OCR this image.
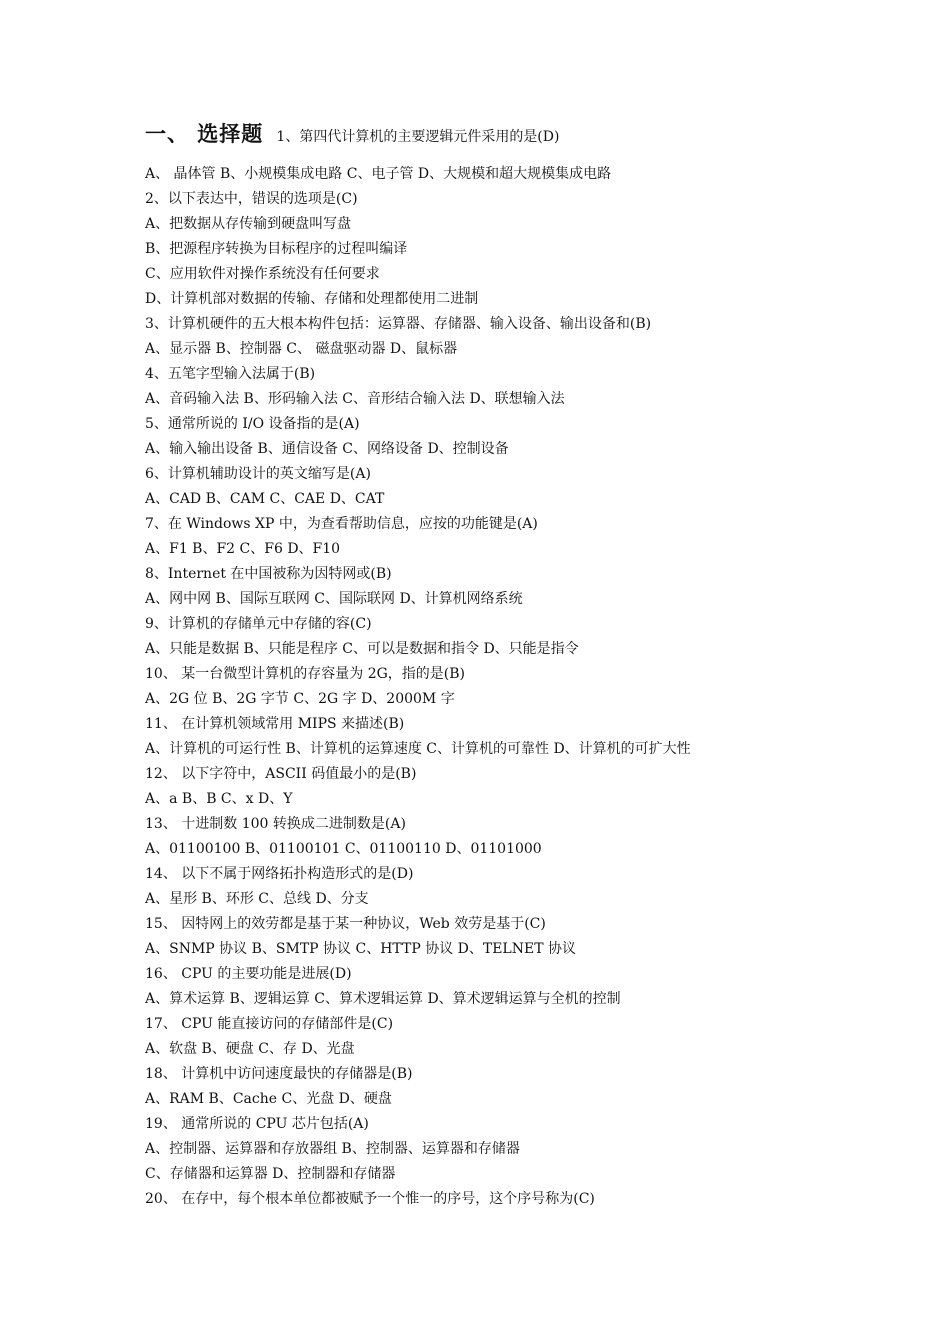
一、 选择题 1、第四代计算机的主要逻辑元件采用的是(D)
A、 晶体管 B、小规模集成电路 C、电子管 D、大规模和超大规模集成电路
2、以下表达中，错误的选项是(C)
A、把数据从存传输到硬盘叫写盘
B、把源程序转换为目标程序的过程叫编译
C、应用软件对操作系统没有任何要求
D、计算机部对数据的传输、存储和处理都使用二进制
3、计算机硬件的五大根本构件包括：运算器、存储器、输入设备、输出设备和(B)
A、显示器 B、控制器 C、 磁盘驱动器 D、鼠标器
4、五笔字型输入法属于(B)
A、音码输入法 B、形码输入法 C、音形结合输入法 D、联想输入法
5、通常所说的 I/O 设备指的是(A)
A、输入输出设备 B、通信设备 C、网络设备 D、控制设备
6、计算机辅助设计的英文缩写是(A)
A、CAD B、CAM C、CAE D、CAT
7、在 Windows XP 中，为查看帮助信息，应按的功能键是(A)
A、F1 B、F2 C、F6 D、F10
8、Internet 在中国被称为因特网或(B)
A、网中网 B、国际互联网 C、国际联网 D、计算机网络系统
9、计算机的存储单元中存储的容(C)
A、只能是数据 B、只能是程序 C、可以是数据和指令 D、只能是指令
10、 某一台微型计算机的存容量为 2G，指的是(B)
A、2G 位 B、2G 字节 C、2G 字 D、2000M 字
11、 在计算机领域常用 MIPS 来描述(B)
A、计算机的可运行性 B、计算机的运算速度 C、计算机的可靠性 D、计算机的可扩大性
12、 以下字符中，ASCII 码值最小的是(B)
A、a B、B C、x D、Y
13、 十进制数 100 转换成二进制数是(A)
A、01100100 B、01100101 C、01100110 D、01101000
14、 以下不属于网络拓扑构造形式的是(D)
A、星形 B、环形 C、总线 D、分支
15、 因特网上的效劳都是基于某一种协议，Web 效劳是基于(C)
A、SNMP 协议 B、SMTP 协议 C、HTTP 协议 D、TELNET 协议
16、 CPU 的主要功能是进展(D)
A、算术运算 B、逻辑运算 C、算术逻辑运算 D、算术逻辑运算与全机的控制
17、 CPU 能直接访问的存储部件是(C)
A、软盘 B、硬盘 C、存 D、光盘
18、 计算机中访问速度最快的存储器是(B)
A、RAM B、Cache C、光盘 D、硬盘
19、 通常所说的 CPU 芯片包括(A)
A、控制器、运算器和存放器组 B、控制器、运算器和存储器
C、存储器和运算器 D、控制器和存储器
20、 在存中，每个根本单位都被赋予一个惟一的序号，这个序号称为(C)
